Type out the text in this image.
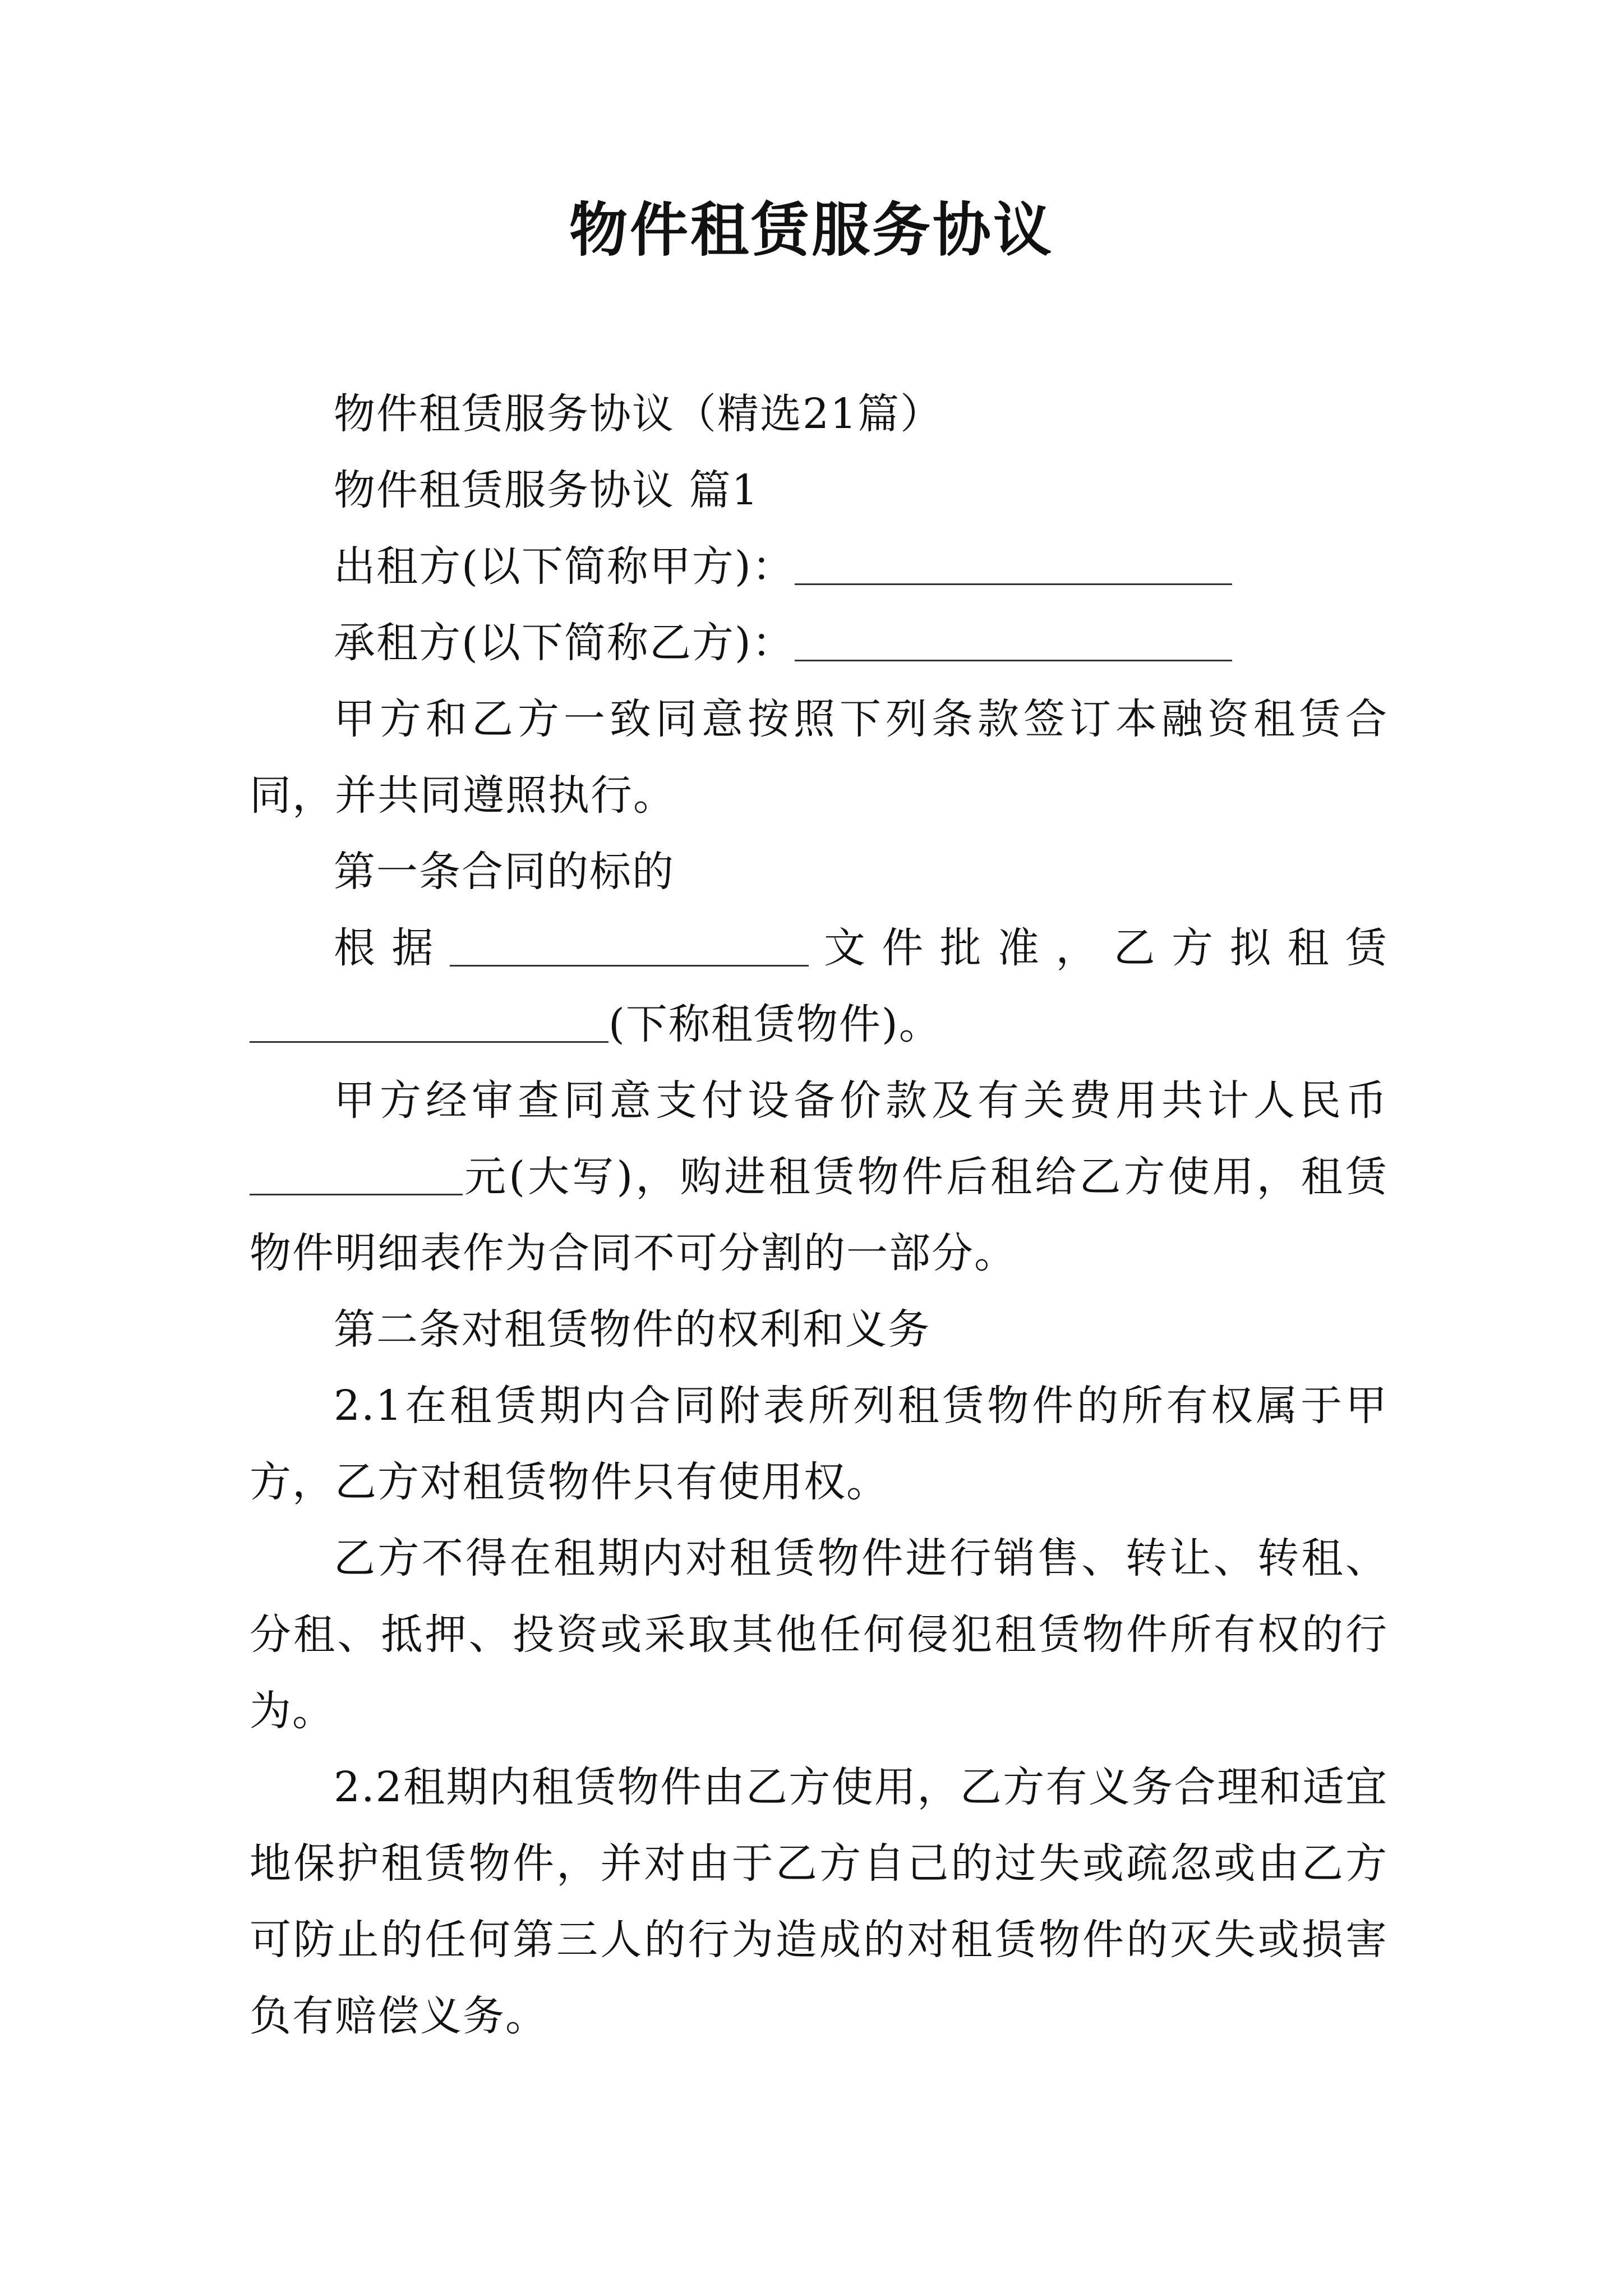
物件租赁服务协议

物件租赁服务协议（精选21篇）

物件租赁服务协议 篇1

出租方(以下简称甲方)：

承租方(以下简称乙方)：

甲方和乙方一致同意按照下列条款签订本融资租赁合同，并共同遵照执行。

第一条合同的标的

根据	文件批准，乙方拟租赁

(下称租赁物件)。

甲方经审查同意支付设备价款及有关费用共计人民币元(大写)，购进租赁物件后租给乙方使用，租赁物件明细表作为合同不可分割的一部分。

第二条对租赁物件的权利和义务

2.1在租赁期内合同附表所列租赁物件的所有权属于甲方，乙方对租赁物件只有使用权。

乙方不得在租期内对租赁物件进行销售、转让、转租、分租、抵押、投资或采取其他任何侵犯租赁物件所有权的行为。

2.2租期内租赁物件由乙方使用，乙方有义务合理和适宜地保护租赁物件，并对由于乙方自己的过失或疏忽或由乙方可防止的任何第三人的行为造成的对租赁物件的灭失或损害负有赔偿义务。
